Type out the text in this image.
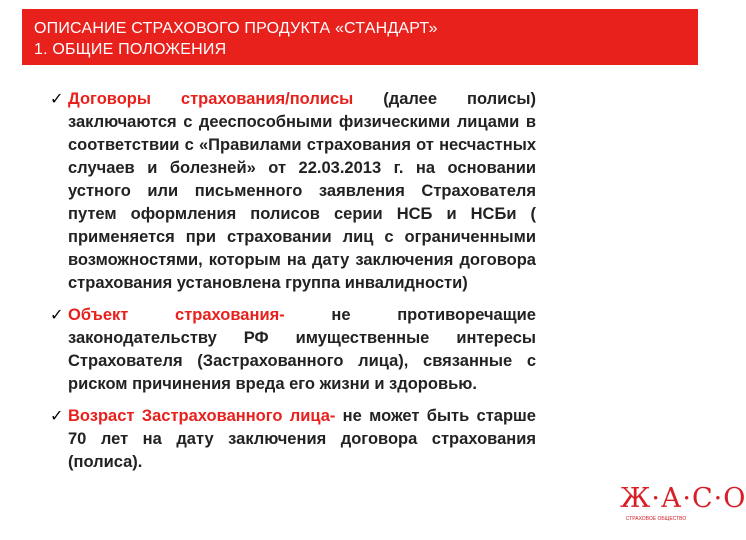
ОПИСАНИЕ СТРАХОВОГО ПРОДУКТА «СТАНДАРТ»
1. ОБЩИЕ ПОЛОЖЕНИЯ
✓ Договоры страхования/полисы (далее полисы) заключаются с дееспособными физическими лицами в соответствии с «Правилами страхования от несчастных случаев и болезней» от 22.03.2013 г. на основании устного или письменного заявления Страхователя путем оформления полисов серии НСБ и НСБи ( применяется при страховании лиц с ограниченными возможностями, которым на дату заключения договора страхования установлена группа инвалидности)
✓ Объект страхования- не противоречащие законодательству РФ имущественные интересы Страхователя (Застрахованного лица), связанные с риском причинения вреда его жизни и здоровью.
✓ Возраст Застрахованного лица- не может быть старше 70 лет на дату заключения договора страхования (полиса).
Ж·А·С·О
СТРАХОВОЕ ОБЩЕСТВО
